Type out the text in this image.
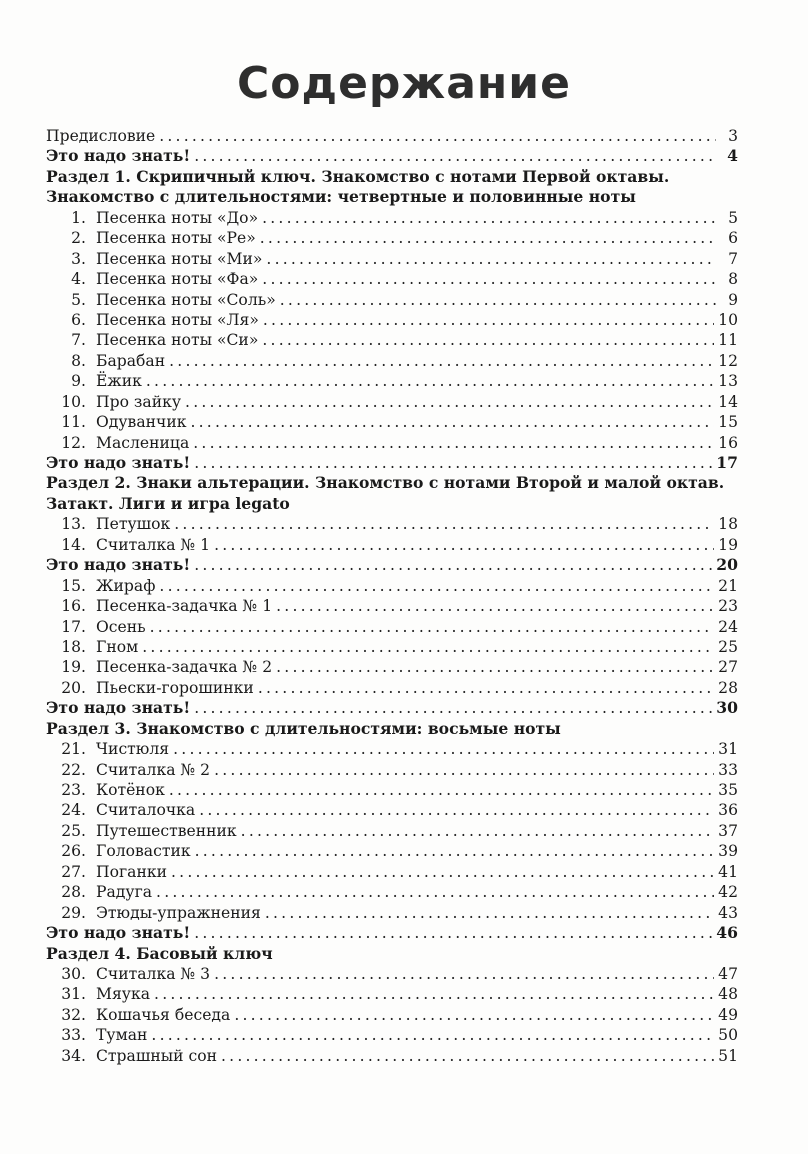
Содержание
Предисловие .....	3
Это надо знать! .....	4
Раздел 1. Скрипичный ключ. Знакомство с нотами Первой октавы.
Знакомство с длительностями: четвертные и половинные ноты
1. Песенка ноты «До» .....	5
2. Песенка ноты «Ре» .....	6
3. Песенка ноты «Ми» .....	7
4. Песенка ноты «Фа» .....	8
5. Песенка ноты «Соль» .....	9
6. Песенка ноты «Ля» .....	10
7. Песенка ноты «Си» .....	11
8. Барабан .....	12
9. Ёжик .....	13
10. Про зайку .....	14
11. Одуванчик .....	15
12. Масленица .....	16
Это надо знать! .....	17
Раздел 2. Знаки альтерации. Знакомство с нотами Второй и малой октав.
Затакт. Лиги и игра legato
13. Петушок .....	18
14. Считалка № 1 .....	19
Это надо знать! .....	20
15. Жираф .....	21
16. Песенка-задачка № 1 .....	23
17. Осень .....	24
18. Гном .....	25
19. Песенка-задачка № 2 .....	27
20. Пьески-горошинки .....	28
Это надо знать! .....	30
Раздел 3. Знакомство с длительностями: восьмые ноты
21. Чистюля .....	31
22. Считалка № 2 .....	33
23. Котёнок .....	35
24. Считалочка .....	36
25. Путешественник .....	37
26. Головастик .....	39
27. Поганки .....	41
28. Радуга .....	42
29. Этюды-упражнения .....	43
Это надо знать! .....	46
Раздел 4. Басовый ключ
30. Считалка № 3 .....	47
31. Мяука .....	48
32. Кошачья беседа .....	49
33. Туман .....	50
34. Страшный сон .....	51
